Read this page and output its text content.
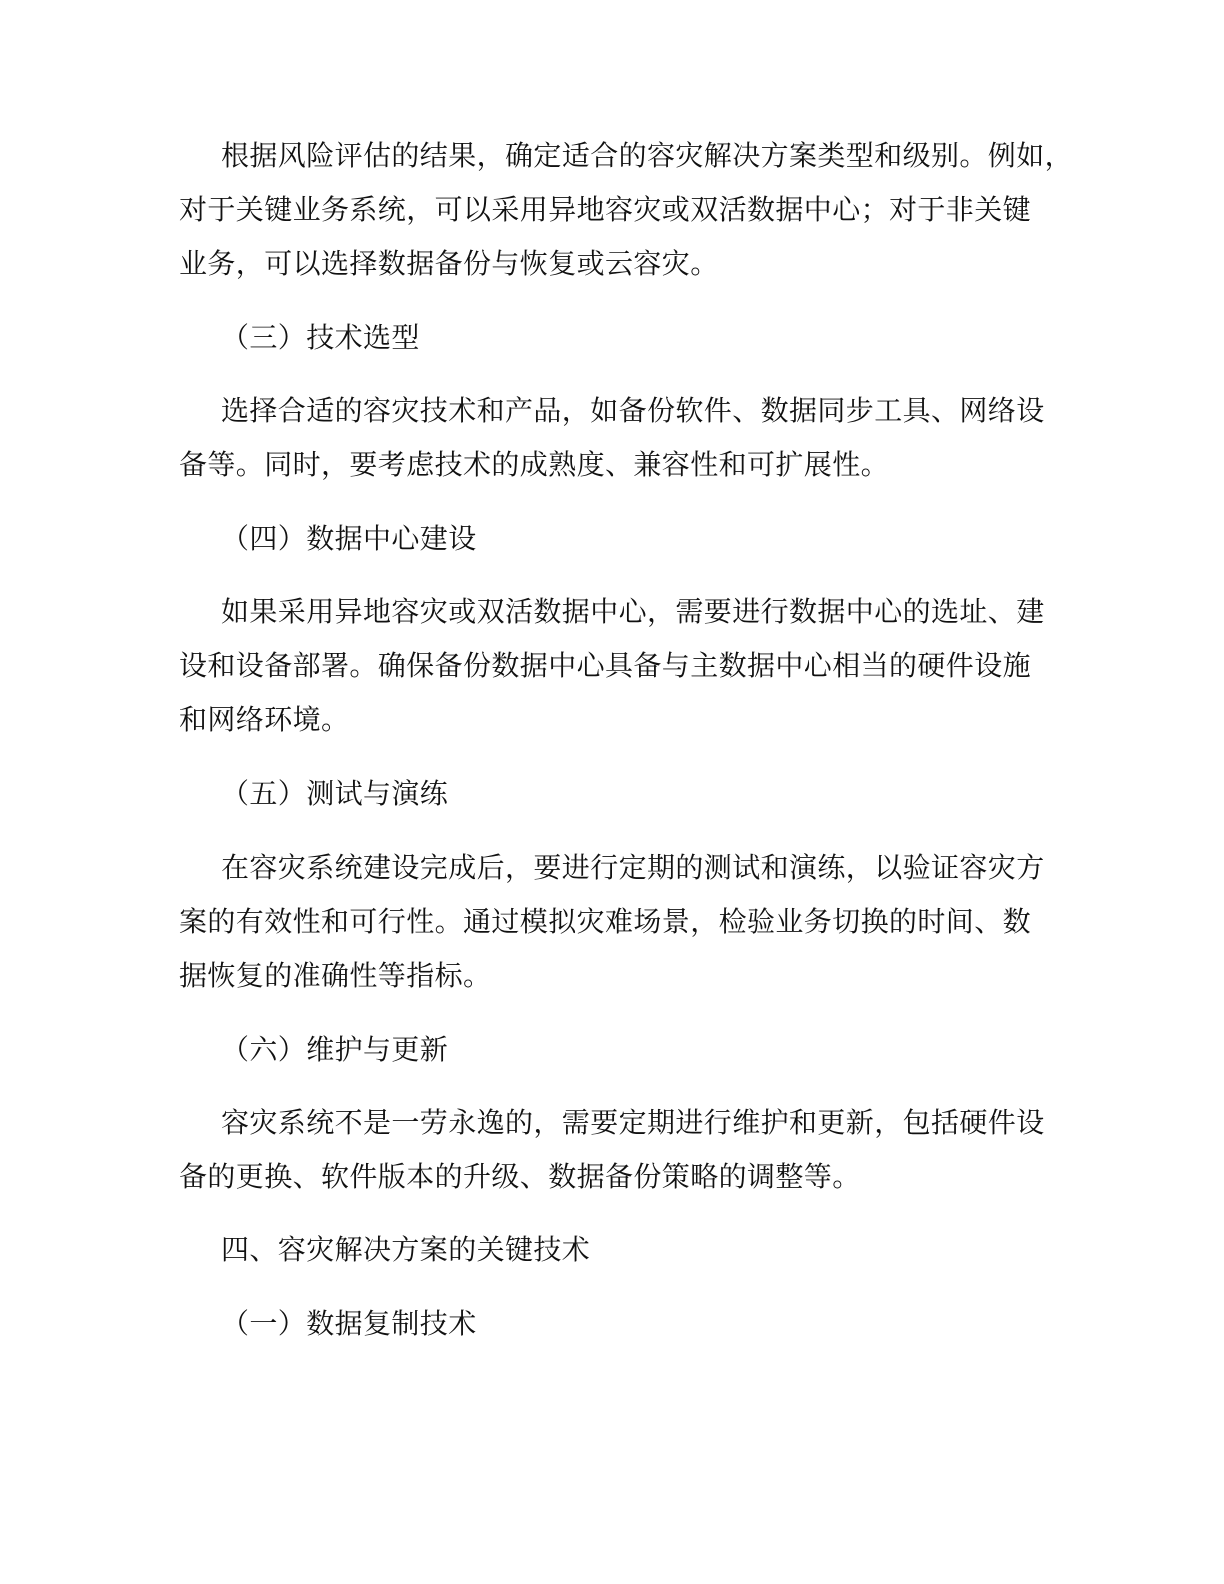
根据风险评估的结果，确定适合的容灾解决方案类型和级别。例如，
对于关键业务系统，可以采用异地容灾或双活数据中心；对于非关键
业务，可以选择数据备份与恢复或云容灾。
（三）技术选型
选择合适的容灾技术和产品，如备份软件、数据同步工具、网络设
备等。同时，要考虑技术的成熟度、兼容性和可扩展性。
（四）数据中心建设
如果采用异地容灾或双活数据中心，需要进行数据中心的选址、建
设和设备部署。确保备份数据中心具备与主数据中心相当的硬件设施
和网络环境。
（五）测试与演练
在容灾系统建设完成后，要进行定期的测试和演练，以验证容灾方
案的有效性和可行性。通过模拟灾难场景，检验业务切换的时间、数
据恢复的准确性等指标。
（六）维护与更新
容灾系统不是一劳永逸的，需要定期进行维护和更新，包括硬件设
备的更换、软件版本的升级、数据备份策略的调整等。
四、容灾解决方案的关键技术
（一）数据复制技术
